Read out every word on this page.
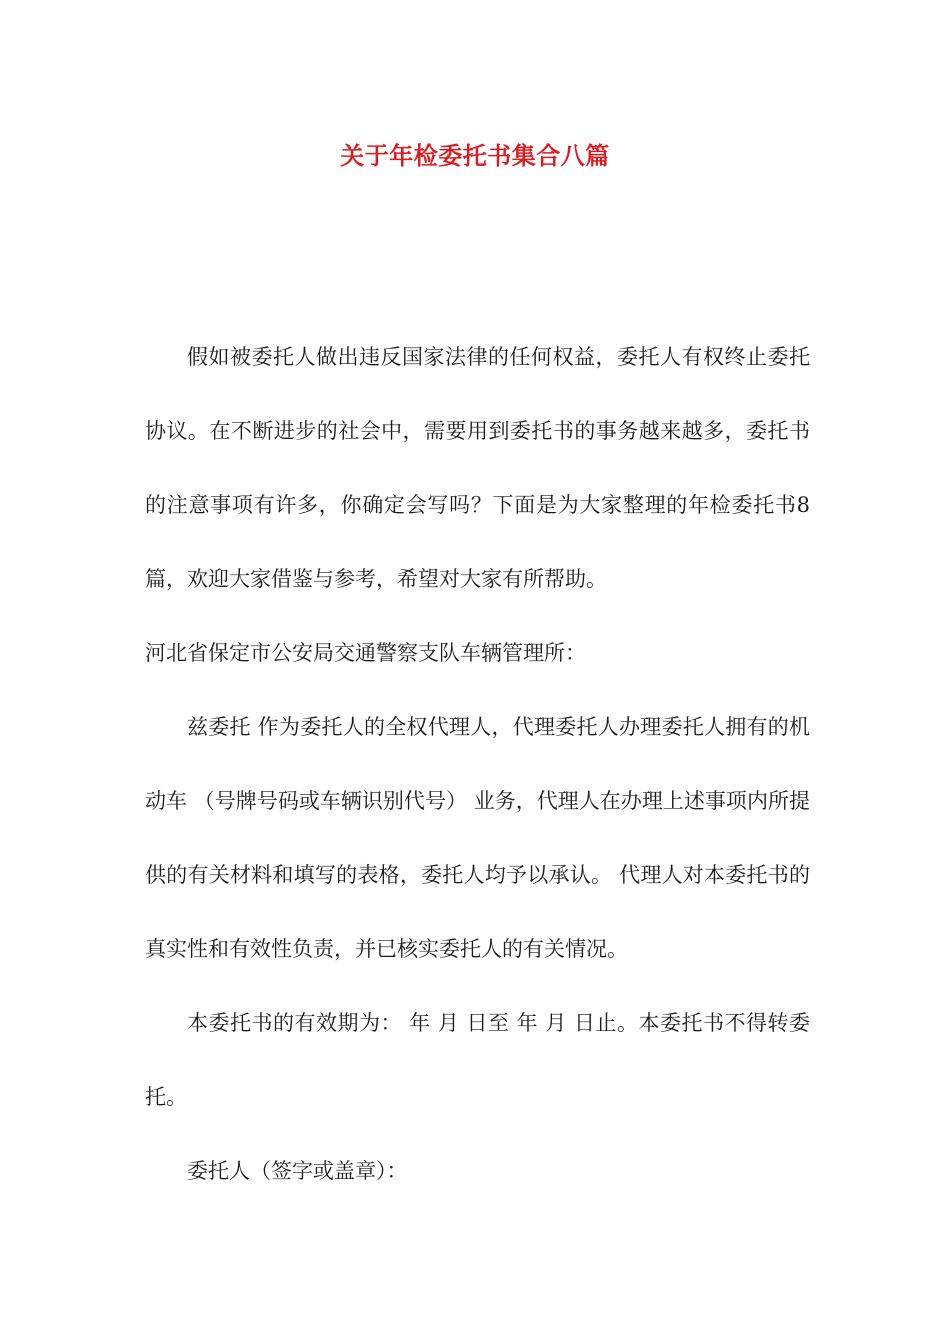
关于年检委托书集合八篇

假如被委托人做出违反国家法律的任何权益，委托人有权终止委托协议。在不断进步的社会中，需要用到委托书的事务越来越多，委托书的注意事项有许多，你确定会写吗？下面是为大家整理的年检委托书8篇，欢迎大家借鉴与参考，希望对大家有所帮助。

河北省保定市公安局交通警察支队车辆管理所：

兹委托 作为委托人的全权代理人，代理委托人办理委托人拥有的机动车 （号牌号码或车辆识别代号） 业务，代理人在办理上述事项内所提供的有关材料和填写的表格，委托人均予以承认。 代理人对本委托书的真实性和有效性负责，并已核实委托人的有关情况。

本委托书的有效期为： 年 月 日至 年 月 日止。本委托书不得转委托。

委托人（签字或盖章）：
